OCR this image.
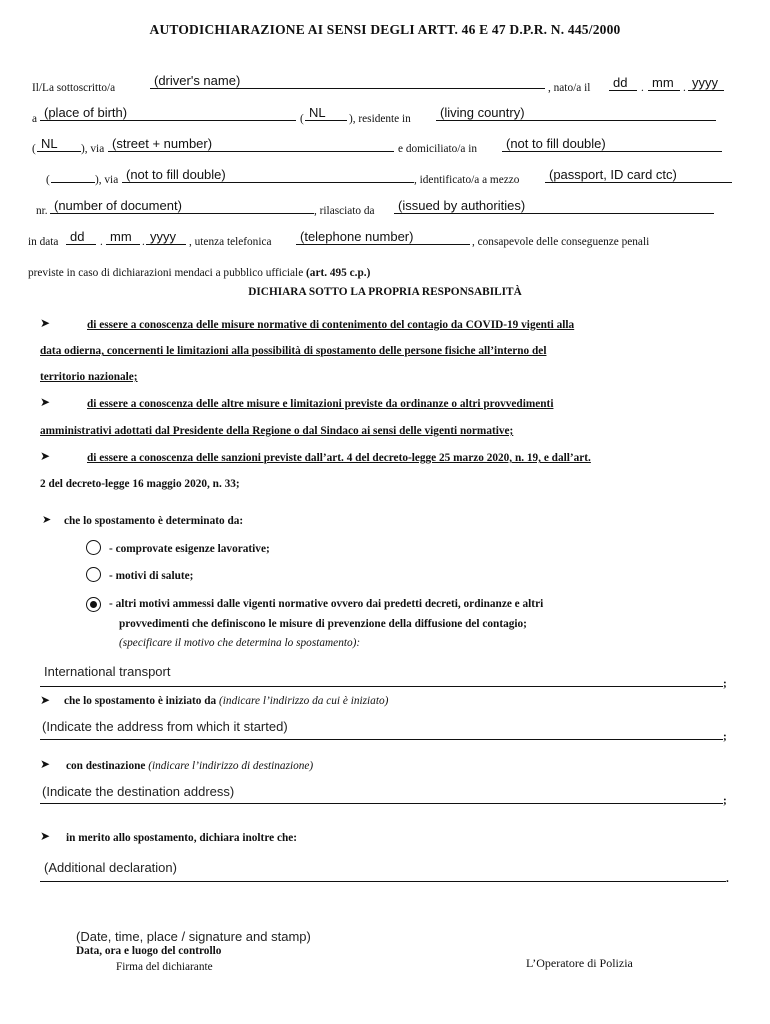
AUTODICHIARAZIONE AI SENSI DEGLI ARTT. 46 E 47 D.P.R. N. 445/2000
Il/La sottoscritto/a	(driver's name)	, nato/a il dd . mm . yyyy
a (place of birth)	( NL ), residente in (living country)
( NL ), via (street + number)	e domiciliato/a in (not to fill double)
(	), via (not to fill double)	, identificato/a a mezzo (passport, ID card ctc)
nr. (number of document)	, rilasciato da (issued by authorities)
in data dd . mm . yyyy , utenza telefonica (telephone number)	, consapevole delle conseguenze penali
previste in caso di dichiarazioni mendaci a pubblico ufficiale (art. 495 c.p.)
DICHIARA SOTTO LA PROPRIA RESPONSABILITÀ
➤	di essere a conoscenza delle misure normative di contenimento del contagio da COVID-19 vigenti alla
data odierna, concernenti le limitazioni alla possibilità di spostamento delle persone fisiche all’interno del
territorio nazionale;
➤	di essere a conoscenza delle altre misure e limitazioni previste da ordinanze o altri provvedimenti
amministrativi adottati dal Presidente della Regione o dal Sindaco ai sensi delle vigenti normative;
➤	di essere a conoscenza delle sanzioni previste dall’art. 4 del decreto-legge 25 marzo 2020, n. 19, e dall’art.
2 del decreto-legge 16 maggio 2020, n. 33;
➤ che lo spostamento è determinato da:
- comprovate esigenze lavorative;
- motivi di salute;
- altri motivi ammessi dalle vigenti normative ovvero dai predetti decreti, ordinanze e altri
provvedimenti che definiscono le misure di prevenzione della diffusione del contagio;
(specificare il motivo che determina lo spostamento):
International transport
;
➤ che lo spostamento è iniziato da (indicare l’indirizzo da cui è iniziato)
(Indicate the address from which it started)
;
➤ con destinazione (indicare l’indirizzo di destinazione)
(Indicate the destination address)
;
➤ in merito allo spostamento, dichiara inoltre che:
(Additional declaration)
.
(Date, time, place / signature and stamp)
Data, ora e luogo del controllo
Firma del dichiarante	L’Operatore di Polizia
